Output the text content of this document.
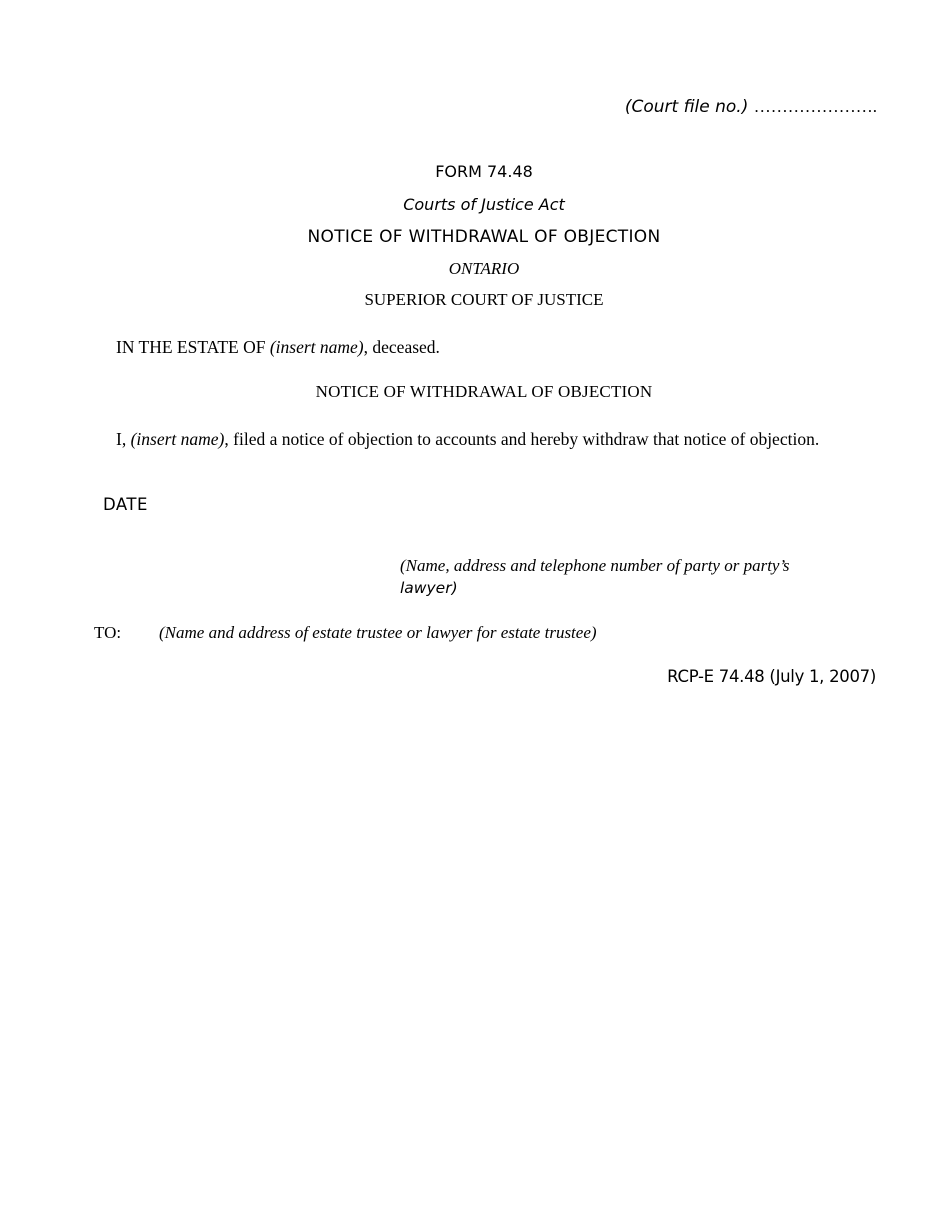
(Court file no.) ………………….
FORM 74.48
Courts of Justice Act
NOTICE OF WITHDRAWAL OF OBJECTION
ONTARIO
SUPERIOR COURT OF JUSTICE
IN THE ESTATE OF (insert name), deceased.
NOTICE OF WITHDRAWAL OF OBJECTION
I, (insert name), filed a notice of objection to accounts and hereby withdraw that notice of objection.
DATE
(Name, address and telephone number of party or party’s
lawyer)
TO: (Name and address of estate trustee or lawyer for estate trustee)
RCP-E 74.48 (July 1, 2007)
